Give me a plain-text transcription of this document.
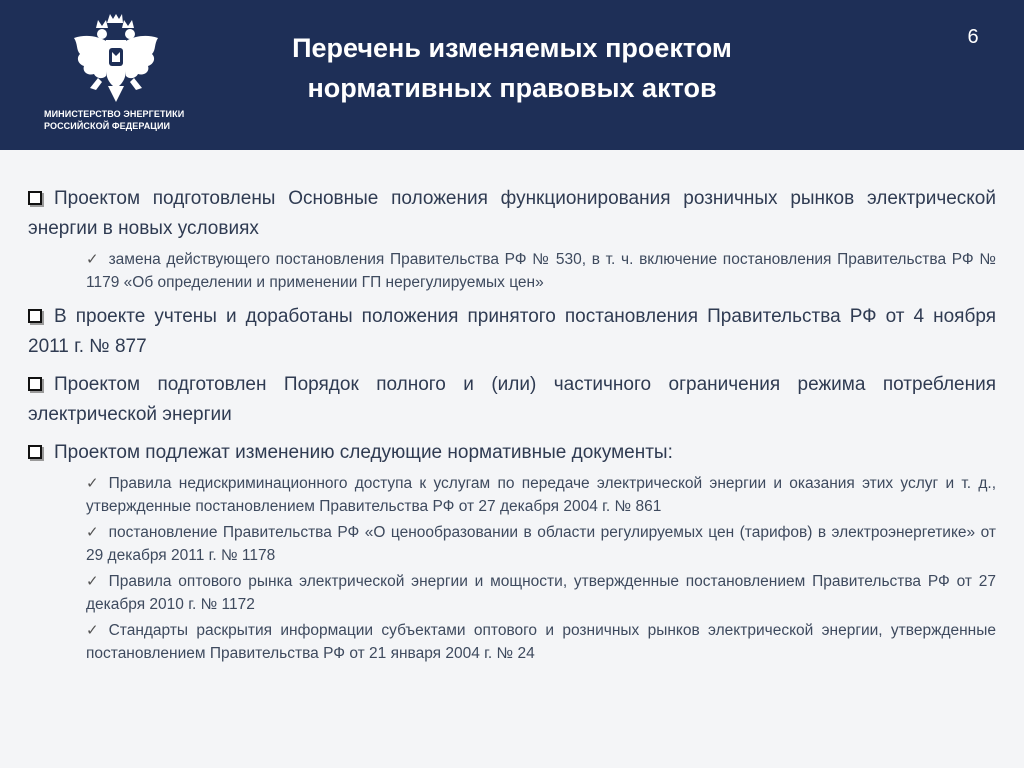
МИНИСТЕРСТВО ЭНЕРГЕТИКИ
РОССИЙСКОЙ ФЕДЕРАЦИИ
Перечень изменяемых проектом
нормативных правовых актов
6
Проектом подготовлены Основные положения функционирования розничных рынков электрической энергии в новых условиях
✓ замена действующего постановления Правительства РФ № 530, в т. ч. включение постановления Правительства РФ № 1179 «Об определении и применении ГП нерегулируемых цен»
В проекте учтены и доработаны положения принятого постановления Правительства РФ от 4 ноября 2011 г. № 877
Проектом подготовлен Порядок полного и (или) частичного ограничения режима потребления электрической энергии
Проектом подлежат изменению следующие нормативные документы:
✓ Правила недискриминационного доступа к услугам по передаче электрической энергии и оказания этих услуг и т. д., утвержденные постановлением Правительства РФ от 27 декабря 2004 г. № 861
✓ постановление Правительства РФ «О ценообразовании в области регулируемых цен (тарифов) в электроэнергетике» от 29 декабря 2011 г. № 1178
✓ Правила оптового рынка электрической энергии и мощности, утвержденные постановлением Правительства РФ от 27 декабря 2010 г. № 1172
✓ Стандарты раскрытия информации субъектами оптового и розничных рынков электрической энергии, утвержденные постановлением Правительства РФ от 21 января 2004 г. № 24
